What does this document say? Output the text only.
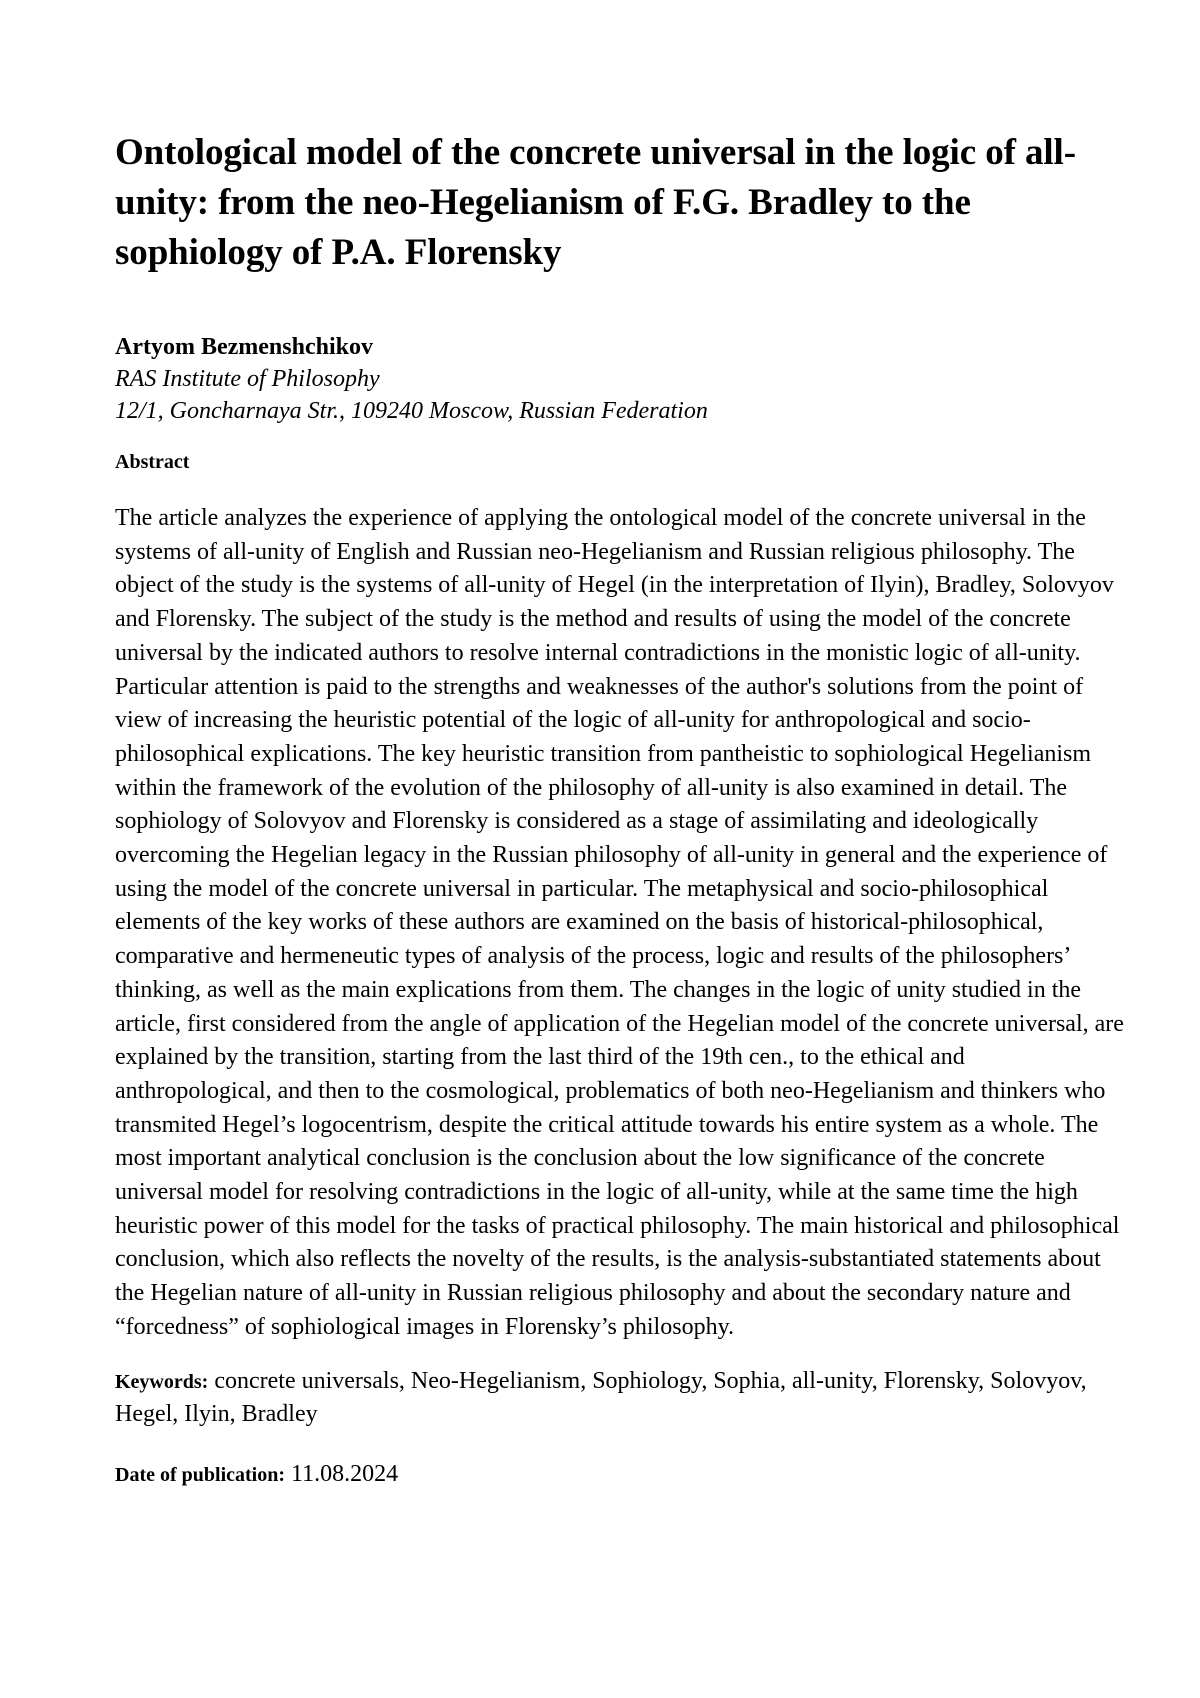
Ontological model of the concrete universal in the logic of all-unity: from the neo-Hegelianism of F.G. Bradley to the sophiology of P.A. Florensky
Artyom Bezmenshchikov
RAS Institute of Philosophy
12/1, Goncharnaya Str., 109240 Moscow, Russian Federation
Abstract

The article analyzes the experience of applying the ontological model of the concrete universal in the systems of all-unity of English and Russian neo-Hegelianism and Russian religious philosophy. The object of the study is the systems of all-unity of Hegel (in the interpretation of Ilyin), Bradley, Solovyov and Florensky. The subject of the study is the method and results of using the model of the concrete universal by the indicated authors to resolve internal contradictions in the monistic logic of all-unity. Particular attention is paid to the strengths and weaknesses of the author's solutions from the point of view of increasing the heuristic potential of the logic of all-unity for anthropological and socio-philosophical explications. The key heuristic transition from pantheistic to sophiological Hegelianism within the framework of the evolution of the philosophy of all-unity is also examined in detail. The sophiology of Solovyov and Florensky is considered as a stage of assimilating and ideologically overcoming the Hegelian legacy in the Russian philosophy of all-unity in general and the experience of using the model of the concrete universal in particular. The metaphysical and socio-philosophical elements of the key works of these authors are examined on the basis of historical-philosophical, comparative and hermeneutic types of analysis of the process, logic and results of the philosophers’ thinking, as well as the main explications from them. The changes in the logic of unity studied in the article, first considered from the angle of application of the Hegelian model of the concrete universal, are explained by the transition, starting from the last third of the 19th cen., to the ethical and anthropological, and then to the cosmological, problematics of both neo-Hegelianism and thinkers who transmited Hegel’s logocentrism, despite the critical attitude towards his entire system as a whole. The most important analytical conclusion is the conclusion about the low significance of the concrete universal model for resolving contradictions in the logic of all-unity, while at the same time the high heuristic power of this model for the tasks of practical philosophy. The main historical and philosophical conclusion, which also reflects the novelty of the results, is the analysis-substantiated statements about the Hegelian nature of all-unity in Russian religious philosophy and about the secondary nature and “forcedness” of sophiological images in Florensky’s philosophy.

Keywords: concrete universals, Neo-Hegelianism, Sophiology, Sophia, all-unity, Florensky, Solovyov, Hegel, Ilyin, Bradley
Date of publication: 11.08.2024
